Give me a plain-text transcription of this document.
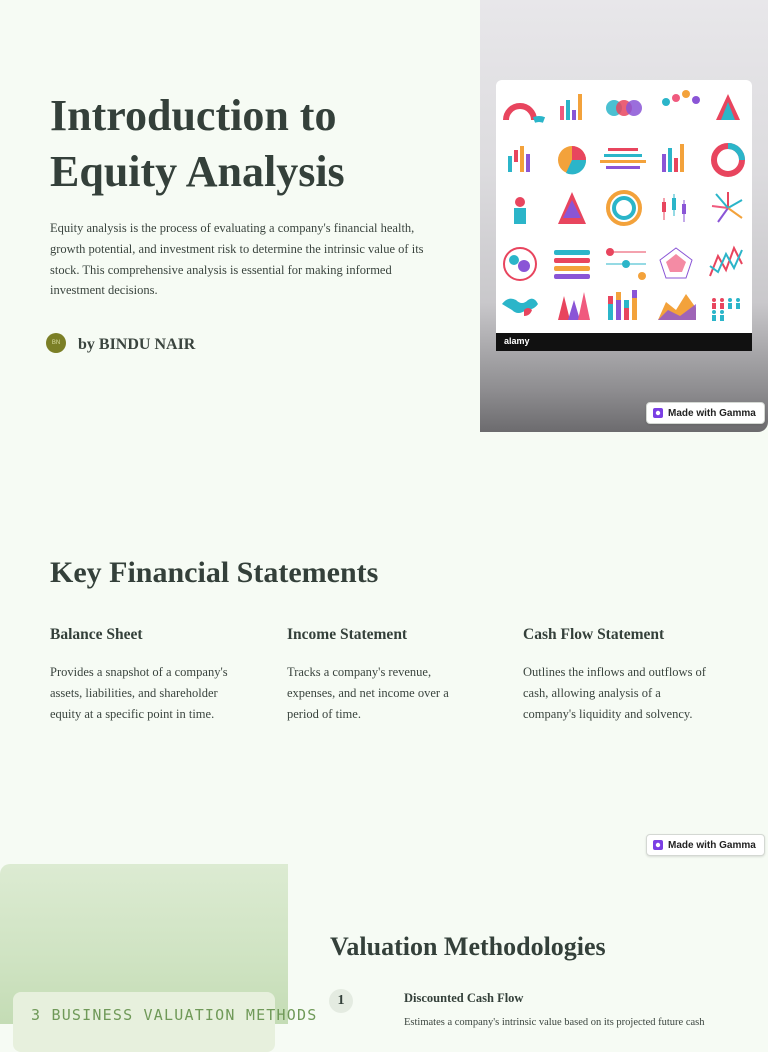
Introduction to Equity Analysis

Equity analysis is the process of evaluating a company's financial health, growth potential, and investment risk to determine the intrinsic value of its stock. This comprehensive analysis is essential for making informed investment decisions.

BN	by BINDU NAIR	alamy
Made with Gamma
Key Financial Statements
Balance Sheet

Provides a snapshot of a company's assets, liabilities, and shareholder equity at a specific point in time.

Income Statement

Tracks a company's revenue, expenses, and net income over a period of time.

Cash Flow Statement

Outlines the inflows and outflows of cash, allowing analysis of a company's liquidity and solvency.

Made with Gamma
3 BUSINESS VALUATION METHODS
Valuation Methodologies
1	Discounted Cash Flow
Estimates a company's intrinsic value based on its projected future cash
